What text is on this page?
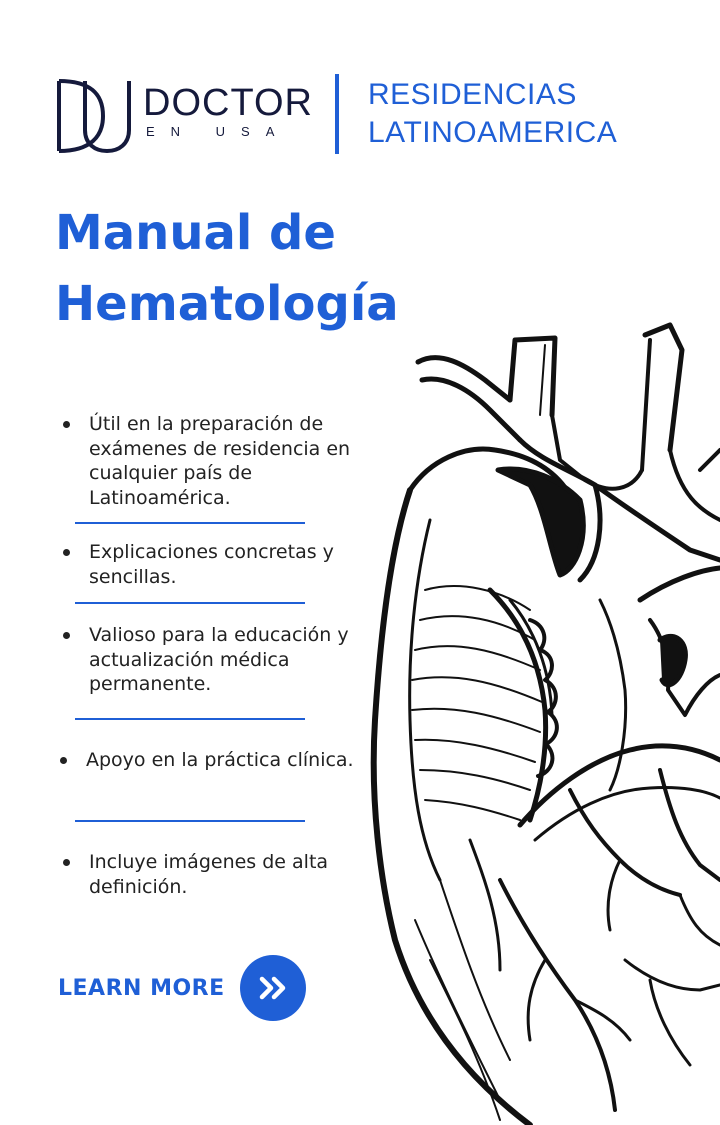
DOCTOR
EN USA
RESIDENCIAS
LATINOAMERICA
Manual de
Hematología
Útil en la preparación de exámenes de residencia en cualquier país de Latinoamérica.
Explicaciones concretas y sencillas.
Valioso para la educación y actualización médica permanente.
Apoyo en la práctica clínica.
Incluye imágenes de alta definición.
LEARN MORE
